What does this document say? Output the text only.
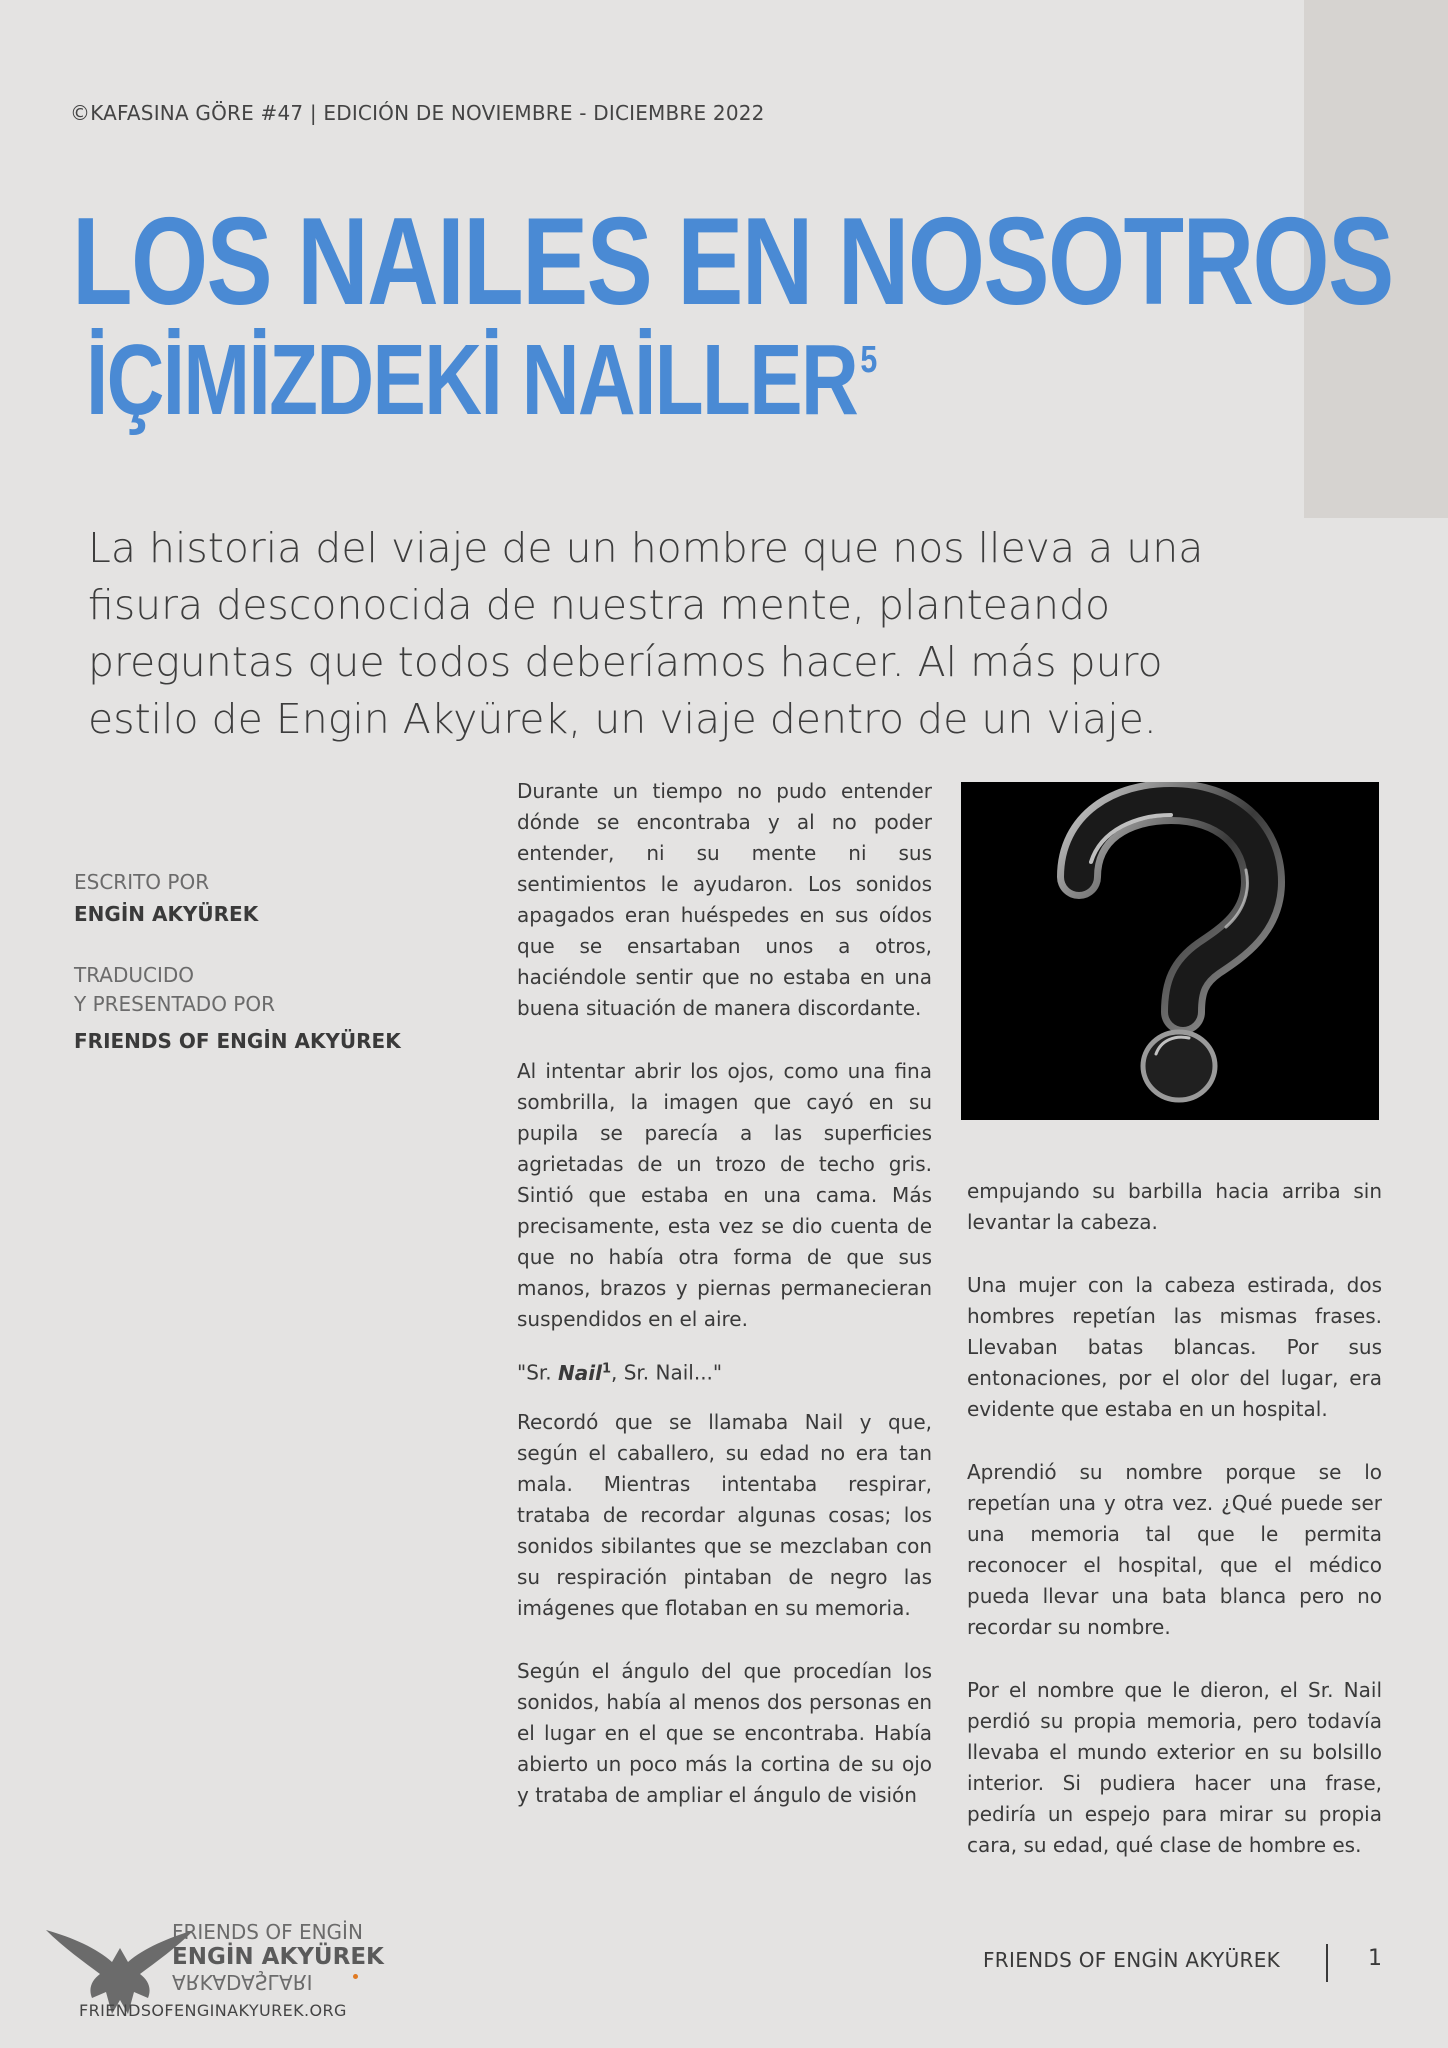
©KAFASINA GÖRE #47 | EDICIÓN DE NOVIEMBRE - DICIEMBRE 2022
LOS NAILES EN NOSOTROS
İÇİMİZDEKİ NAİLLER$^5$

La historia del viaje de un hombre que nos lleva a una fisura desconocida de nuestra mente, planteando preguntas que todos deberíamos hacer. Al más puro estilo de Engin Akyürek, un viaje dentro de un viaje.

ESCRITO POR
ENGİN AKYÜREK
TRADUCIDO
Y PRESENTADO POR
FRIENDS OF ENGİN AKYÜREK

Durante un tiempo no pudo entender dónde se encontraba y al no poder entender, ni su mente ni sus sentimientos le ayudaron. Los sonidos apagados eran huéspedes en sus oídos que se ensartaban unos a otros, haciéndole sentir que no estaba en una buena situación de manera discordante.

Al intentar abrir los ojos, como una fina sombrilla, la imagen que cayó en su pupila se parecía a las superficies agrietadas de un trozo de techo gris. Sintió que estaba en una cama. Más precisamente, esta vez se dio cuenta de que no había otra forma de que sus manos, brazos y piernas permanecieran suspendidos en el aire.

"Sr. Nail$^1$, Sr. Nail..."

Recordó que se llamaba Nail y que, según el caballero, su edad no era tan mala. Mientras intentaba respirar, trataba de recordar algunas cosas; los sonidos sibilantes que se mezclaban con su respiración pintaban de negro las imágenes que flotaban en su memoria.

Según el ángulo del que procedían los sonidos, había al menos dos personas en el lugar en el que se encontraba. Había abierto un poco más la cortina de su ojo y trataba de ampliar el ángulo de visión

empujando su barbilla hacia arriba sin levantar la cabeza.

Una mujer con la cabeza estirada, dos hombres repetían las mismas frases. Llevaban batas blancas. Por sus entonaciones, por el olor del lugar, era evidente que estaba en un hospital.

Aprendió su nombre porque se lo repetían una y otra vez. ¿Qué puede ser una memoria tal que le permita reconocer el hospital, que el médico pueda llevar una bata blanca pero no recordar su nombre.

Por el nombre que le dieron, el Sr. Nail perdió su propia memoria, pero todavía llevaba el mundo exterior en su bolsillo interior. Si pudiera hacer una frase, pediría un espejo para mirar su propia cara, su edad, qué clase de hombre es.

FRIENDS OF ENGİN
ENGİN AKYÜREK
ARKADAŞLARI
FRIENDSOFENGINAKYUREK.ORG
FRIENDS OF ENGİN AKYÜREK	1
